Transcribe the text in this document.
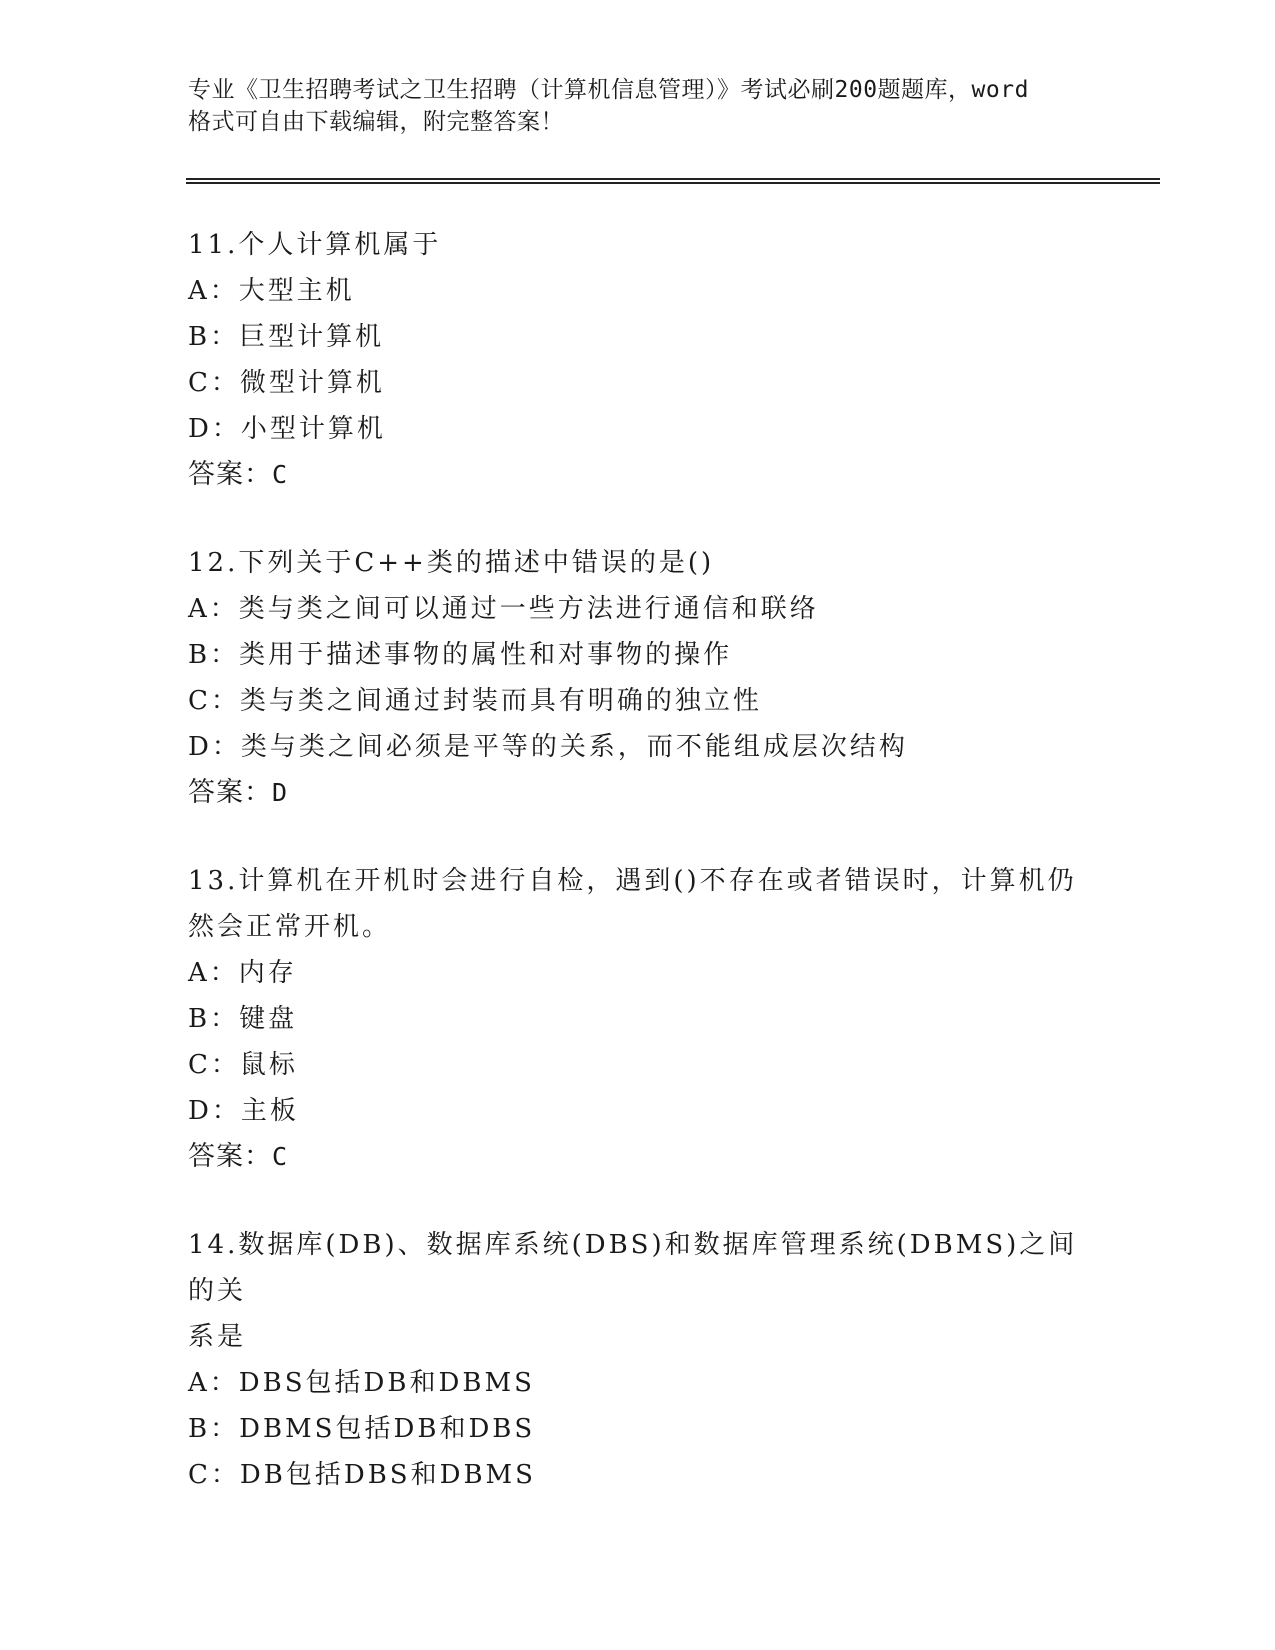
专业《卫生招聘考试之卫生招聘（计算机信息管理）》考试必刷200题题库，word
格式可自由下载编辑，附完整答案！

11.个人计算机属于

A：大型主机

B：巨型计算机

C：微型计算机

D：小型计算机

答案：C

12.下列关于C++类的描述中错误的是()

A：类与类之间可以通过一些方法进行通信和联络

B：类用于描述事物的属性和对事物的操作

C：类与类之间通过封装而具有明确的独立性

D：类与类之间必须是平等的关系，而不能组成层次结构

答案：D

13.计算机在开机时会进行自检，遇到()不存在或者错误时，计算机仍

然会正常开机。

A：内存

B：键盘

C：鼠标

D：主板

答案：C

14.数据库(DB)、数据库系统(DBS)和数据库管理系统(DBMS)之间的关

系是

A：DBS包括DB和DBMS

B：DBMS包括DB和DBS

C：DB包括DBS和DBMS
